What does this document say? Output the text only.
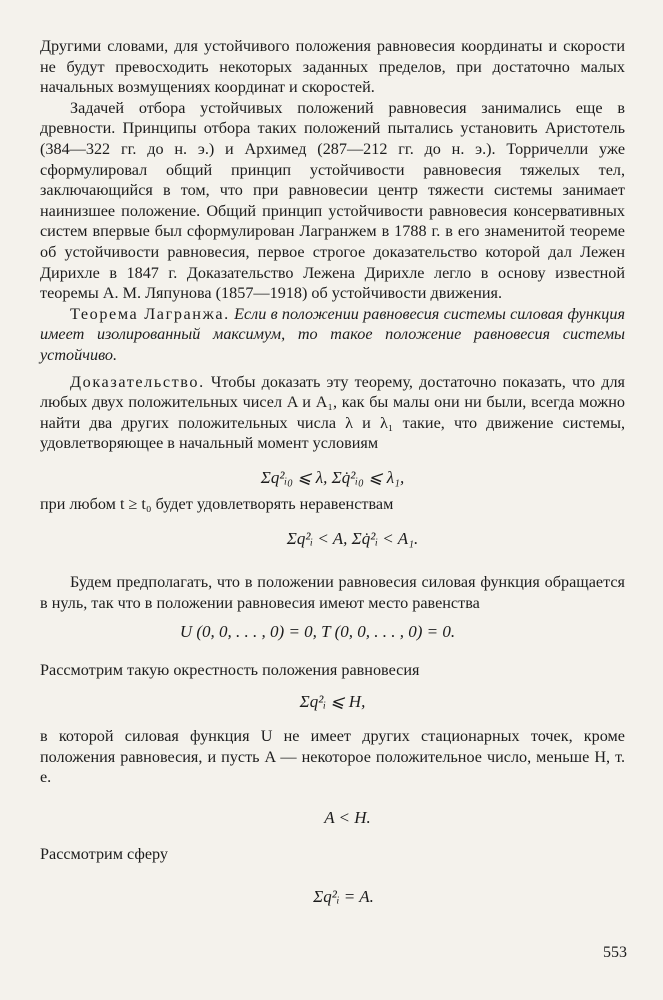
Другими словами, для устойчивого положения равновесия координаты и скорости не будут превосходить некоторых заданных пределов, при достаточно малых начальных возмущениях координат и скоростей.

Задачей отбора устойчивых положений равновесия занимались еще в древности. Принципы отбора таких положений пытались установить Аристотель (384—322 гг. до н. э.) и Архимед (287—212 гг. до н. э.). Торричелли уже сформулировал общий принцип устойчивости равновесия тяжелых тел, заключающийся в том, что при равновесии центр тяжести системы занимает наинизшее положение. Общий принцип устойчивости равновесия консервативных систем впервые был сформулирован Лагранжем в 1788 г. в его знаменитой теореме об устойчивости равновесия, первое строгое доказательство которой дал Лежен Дирихле в 1847 г. Доказательство Лежена Дирихле легло в основу известной теоремы А. М. Ляпунова (1857—1918) об устойчивости движения.

Теорема Лагранжа. Если в положении равновесия системы силовая функция имеет изолированный максимум, то такое положение равновесия системы устойчиво.

Доказательство. Чтобы доказать эту теорему, достаточно показать, что для любых двух положительных чисел A и A₁, как бы малы они ни были, всегда можно найти два других положительных числа λ и λ₁ такие, что движение системы, удовлетворяющее в начальный момент условиям

Σq²ᵢ₀ ⩽ λ, Σq̇²ᵢ₀ ⩽ λ₁,

при любом t ≥ t₀ будет удовлетворять неравенствам

Σq²ᵢ < A, Σq̇²ᵢ < A₁.

Будем предполагать, что в положении равновесия силовая функция обращается в нуль, так что в положении равновесия имеют место равенства

U (0, 0, . . . , 0) = 0, T (0, 0, . . . , 0) = 0.

Рассмотрим такую окрестность положения равновесия

Σq²ᵢ ⩽ H,

в которой силовая функция U не имеет других стационарных точек, кроме положения равновесия, и пусть A — некоторое положительное число, меньше H, т. е.

A < H.

Рассмотрим сферу

Σq²ᵢ = A.
553
